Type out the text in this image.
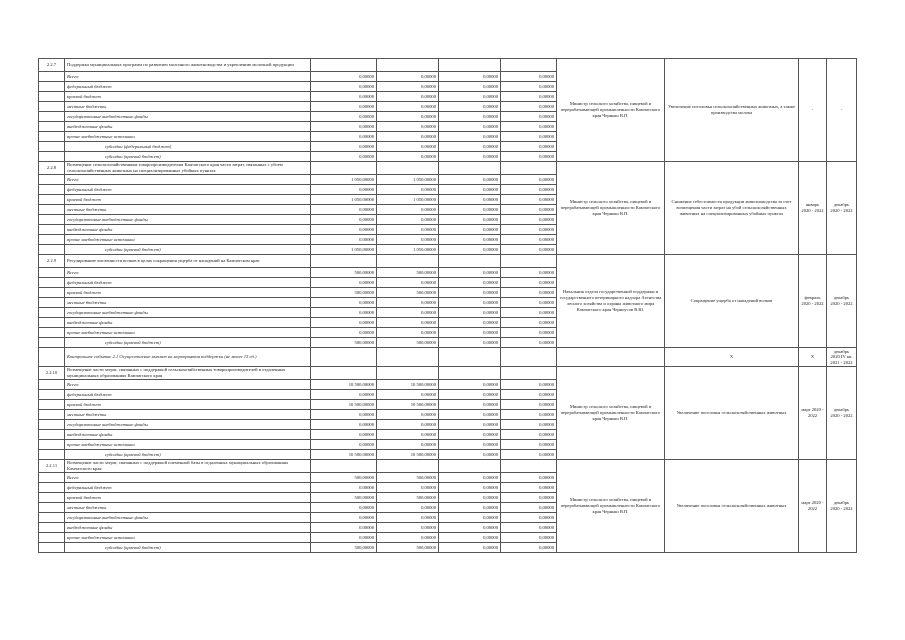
2.2.7	Поддержка муниципальных программ по развитию молочного животноводства и укреплению молочной продукции					Министр сельского хозяйства, пищевой и перерабатывающей промышленности Камчатского края Черныш В.П.	Увеличение поголовья сельскохозяйственных животных, а также производства молока	-	-
	Всего:	0,00000	0,00000	0,00000	0,00000				
	федеральный бюджет	0,00000	0,00000	0,00000	0,00000				
	краевой бюджет	0,00000	0,00000	0,00000	0,00000				
	местные бюджеты	0,00000	0,00000	0,00000	0,00000				
	государственные внебюджетные фонды	0,00000	0,00000	0,00000	0,00000				
	внебюджетные фонды	0,00000	0,00000	0,00000	0,00000				
	прочие внебюджетные источники	0,00000	0,00000	0,00000	0,00000				
	субсидии (федеральный бюджет)	0,00000	0,00000	0,00000	0,00000				
	субсидии (краевой бюджет)	0,00000	0,00000	0,00000	0,00000				
2.2.8	Возмещение сельскохозяйственным товаропроизводителям Камчатского края части затрат, связанных с убоем сельскохозяйственных животных на специализированных убойных пунктах					Министр сельского хозяйства, пищевой и перерабатывающей промышленности Камчатского края Черныш В.П.	Снижение себестоимости продукции животноводства за счет возмещения части затрат на убой сельскохозяйственных животных на специализированных убойных пунктах	январь 2020 - 2022	декабрь 2020 - 2022
	Всего:	1 050,00000	1 050,00000	0,00000	0,00000				
	федеральный бюджет	0,00000	0,00000	0,00000	0,00000				
	краевой бюджет	1 050,00000	1 050,00000	0,00000	0,00000				
	местные бюджеты	0,00000	0,00000	0,00000	0,00000				
	государственные внебюджетные фонды	0,00000	0,00000	0,00000	0,00000				
	внебюджетные фонды	0,00000	0,00000	0,00000	0,00000				
	прочие внебюджетные источники	0,00000	0,00000	0,00000	0,00000				
	субсидии (краевой бюджет)	1 050,00000	1 050,00000	0,00000	0,00000				
2.2.9	Регулирование численности волков в целях сокращения ущерба от нападений на Камчатском крае					Начальник отдела государственной поддержки и государственного ветеринарного надзора Агентства лесного хозяйства и охраны животного мира Камчатского края Черноусов В.Ю.	Сокращение ущерба от нападений волков	февраль 2020 - 2022	декабрь 2020 - 2022
	Всего:	500,00000	500,00000	0,00000	0,00000				
	федеральный бюджет	0,00000	0,00000	0,00000	0,00000				
	краевой бюджет	500,00000	500,00000	0,00000	0,00000				
	местные бюджеты	0,00000	0,00000	0,00000	0,00000				
	государственные внебюджетные фонды	0,00000	0,00000	0,00000	0,00000				
	внебюджетные фонды	0,00000	0,00000	0,00000	0,00000				
	прочие внебюджетные источники	0,00000	0,00000	0,00000	0,00000				
	субсидии (краевой бюджет)	500,00000	500,00000	0,00000	0,00000				
	Контрольное событие 2.1 Осуществление выплат на мероприятия поддержки (не менее 15 ед.)						X	X	декабрь 2020 IV кв. 2021 - 2022
2.2.10	Возмещение части затрат, связанных с поддержкой сельскохозяйственных товаропроизводителей в отдаленных муниципальных образованиях Камчатского края					Министр сельского хозяйства, пищевой и перерабатывающей промышленности Камчатского края Черныш В.П.	Увеличение поголовья сельскохозяйственных животных	март 2020 - 2022	декабрь 2020 - 2022
	Всего:	10 500,00000	10 500,00000	0,00000	0,00000				
	федеральный бюджет	0,00000	0,00000	0,00000	0,00000				
	краевой бюджет	10 500,00000	10 500,00000	0,00000	0,00000				
	местные бюджеты	0,00000	0,00000	0,00000	0,00000				
	государственные внебюджетные фонды	0,00000	0,00000	0,00000	0,00000				
	внебюджетные фонды	0,00000	0,00000	0,00000	0,00000				
	прочие внебюджетные источники	0,00000	0,00000	0,00000	0,00000				
	субсидии (краевой бюджет)	10 500,00000	10 500,00000	0,00000	0,00000				
2.2.11	Возмещение части затрат, связанных с поддержкой племенной базы в отдаленных муниципальных образованиях Камчатского края					Министр сельского хозяйства, пищевой и перерабатывающей промышленности Камчатского края Черныш В.П.	Увеличение поголовья сельскохозяйственных животных	март 2020 - 2022	декабрь 2020 - 2022
	Всего:	500,00000	500,00000	0,00000	0,00000				
	федеральный бюджет	0,00000	0,00000	0,00000	0,00000				
	краевой бюджет	500,00000	500,00000	0,00000	0,00000				
	местные бюджеты	0,00000	0,00000	0,00000	0,00000				
	государственные внебюджетные фонды	0,00000	0,00000	0,00000	0,00000				
	внебюджетные фонды	0,00000	0,00000	0,00000	0,00000				
	прочие внебюджетные источники	0,00000	0,00000	0,00000	0,00000				
	субсидии (краевой бюджет)	500,00000	500,00000	0,00000	0,00000				
